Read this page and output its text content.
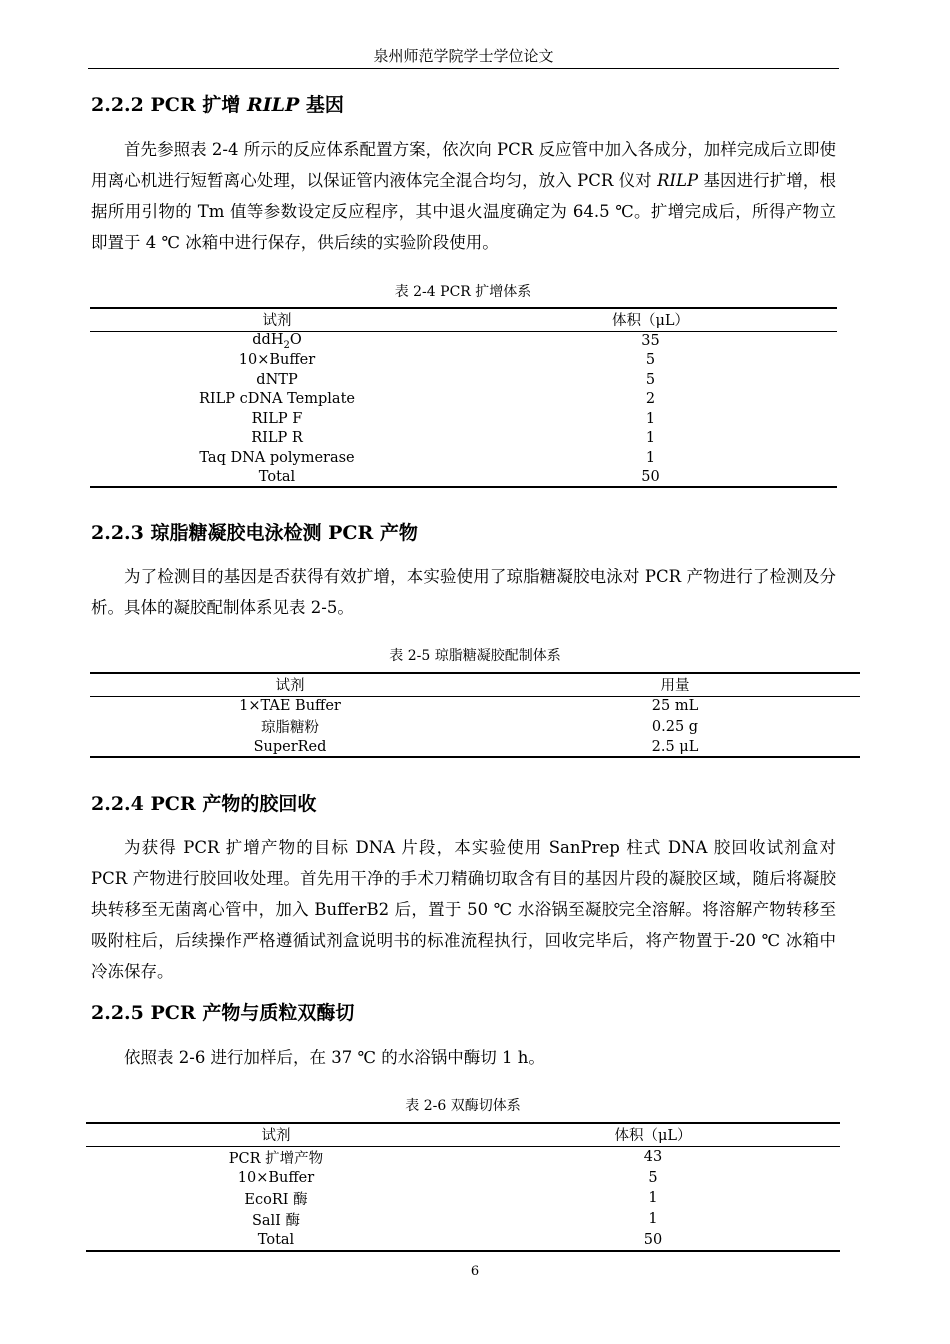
泉州师范学院学士学位论文
2.2.2 PCR 扩增 RILP 基因

首先参照表 2-4 所示的反应体系配置方案，依次向 PCR 反应管中加入各成分，加样完成后立即使用离心机进行短暂离心处理，以保证管内液体完全混合均匀，放入 PCR 仪对 RILP 基因进行扩增，根据所用引物的 Tm 值等参数设定反应程序，其中退火温度确定为 64.5 ℃。扩增完成后，所得产物立即置于 4 ℃ 冰箱中进行保存，供后续的实验阶段使用。

表 2-4 PCR 扩增体系
试剂	体积（μL）
ddH$_2$O	35
10×Buffer	5
dNTP	5
RILP cDNA Template	2
RILP F	1
RILP R	1
Taq DNA polymerase	1
Total	50
2.2.3 琼脂糖凝胶电泳检测 PCR 产物

为了检测目的基因是否获得有效扩增，本实验使用了琼脂糖凝胶电泳对 PCR 产物进行了检测及分析。具体的凝胶配制体系见表 2-5。

表 2-5 琼脂糖凝胶配制体系
试剂	用量
1×TAE Buffer	25 mL
琼脂糖粉	0.25 g
SuperRed	2.5 μL
2.2.4 PCR 产物的胶回收

为获得 PCR 扩增产物的目标 DNA 片段，本实验使用 SanPrep 柱式 DNA 胶回收试剂盒对 PCR 产物进行胶回收处理。首先用干净的手术刀精确切取含有目的基因片段的凝胶区域，随后将凝胶块转移至无菌离心管中，加入 BufferB2 后，置于 50 ℃ 水浴锅至凝胶完全溶解。将溶解产物转移至吸附柱后，后续操作严格遵循试剂盒说明书的标准流程执行，回收完毕后，将产物置于-20 ℃ 冰箱中冷冻保存。

2.2.5 PCR 产物与质粒双酶切

依照表 2-6 进行加样后，在 37 ℃ 的水浴锅中酶切 1 h。

表 2-6 双酶切体系
试剂	体积（μL）
PCR 扩增产物	43
10×Buffer	5
EcoRI 酶	1
SalI 酶	1
Total	50
6
